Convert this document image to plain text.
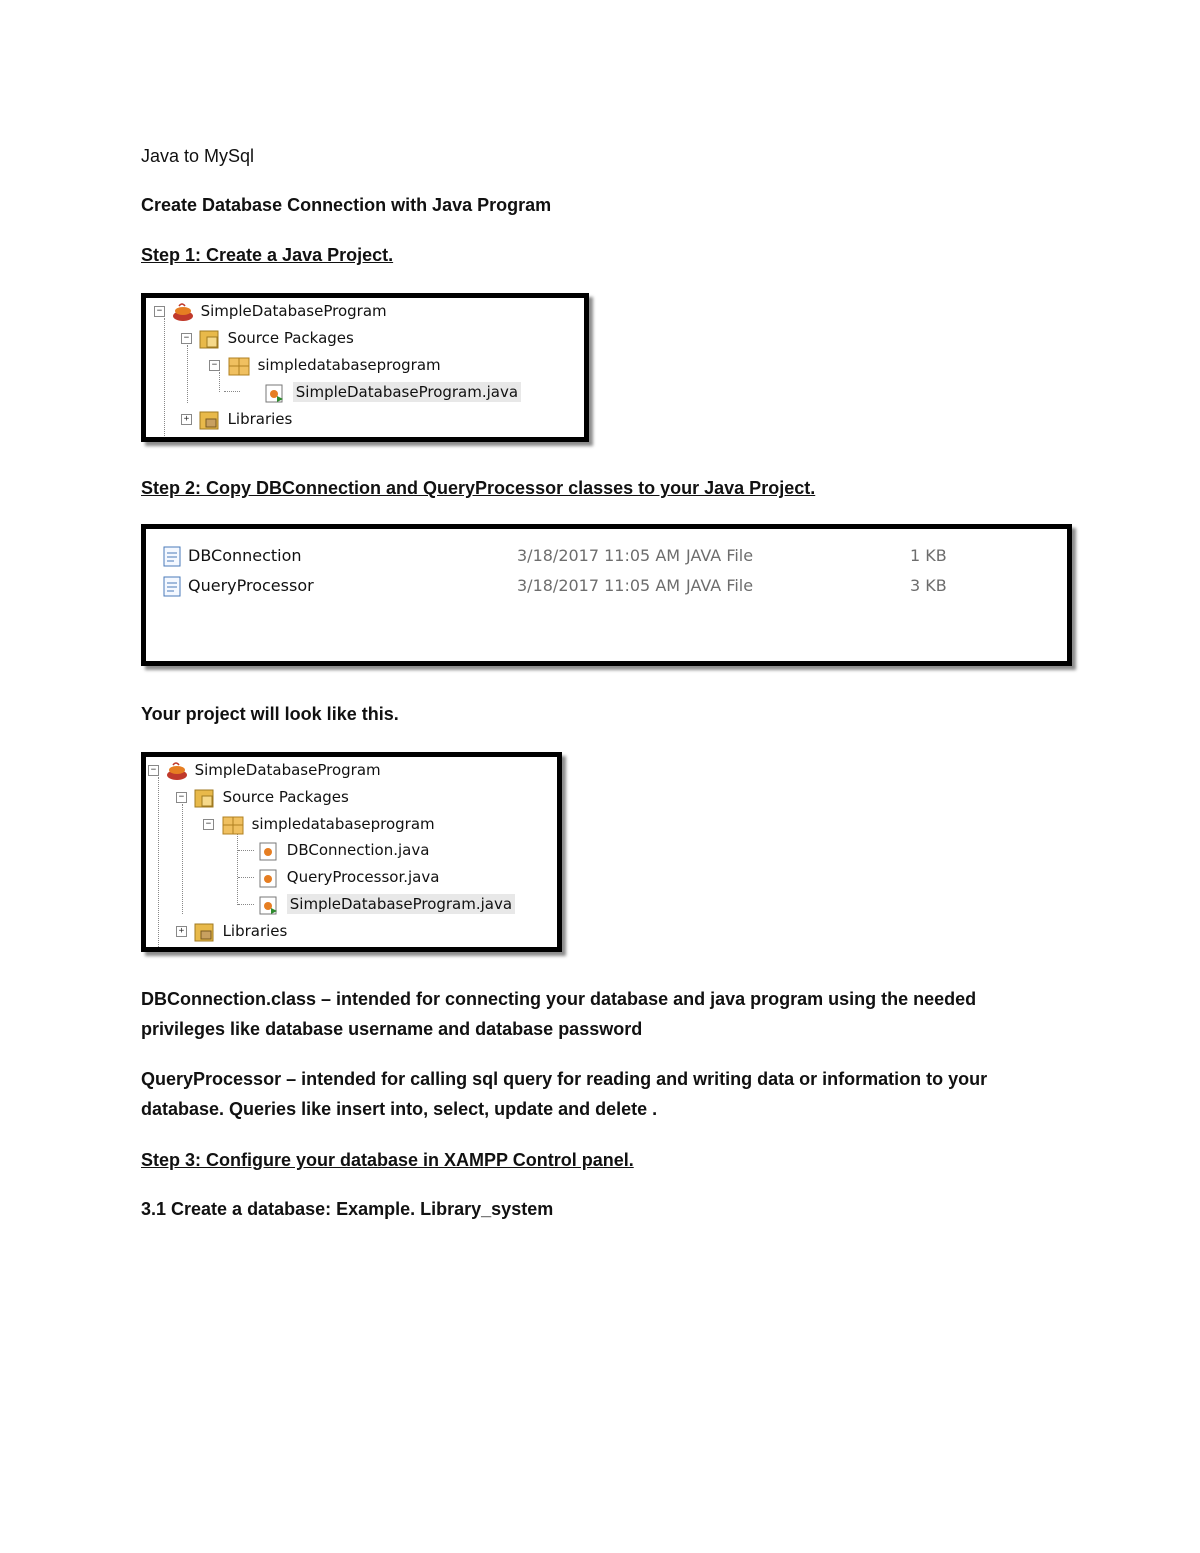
Java to MySql

Create Database Connection with Java Program

Step 1: Create a Java Project.

−	SimpleDatabaseProgram
−	Source Packages
−	simpledatabaseprogram
SimpleDatabaseProgram.java
+	Libraries

Step 2: Copy DBConnection and QueryProcessor classes to your Java Project.

DBConnection	3/18/2017 11:05 AM JAVA File	1 KB
QueryProcessor	3/18/2017 11:05 AM JAVA File	3 KB

Your project will look like this.

−	SimpleDatabaseProgram
−	Source Packages
−	simpledatabaseprogram
DBConnection.java
QueryProcessor.java
SimpleDatabaseProgram.java
+	Libraries

DBConnection.class – intended for connecting your database and java program using the needed privileges like database username and database password

QueryProcessor – intended for calling sql query for reading and writing data or information to your database. Queries like insert into, select, update and delete .

Step 3: Configure your database in XAMPP Control panel.

3.1 Create a database: Example. Library_system
